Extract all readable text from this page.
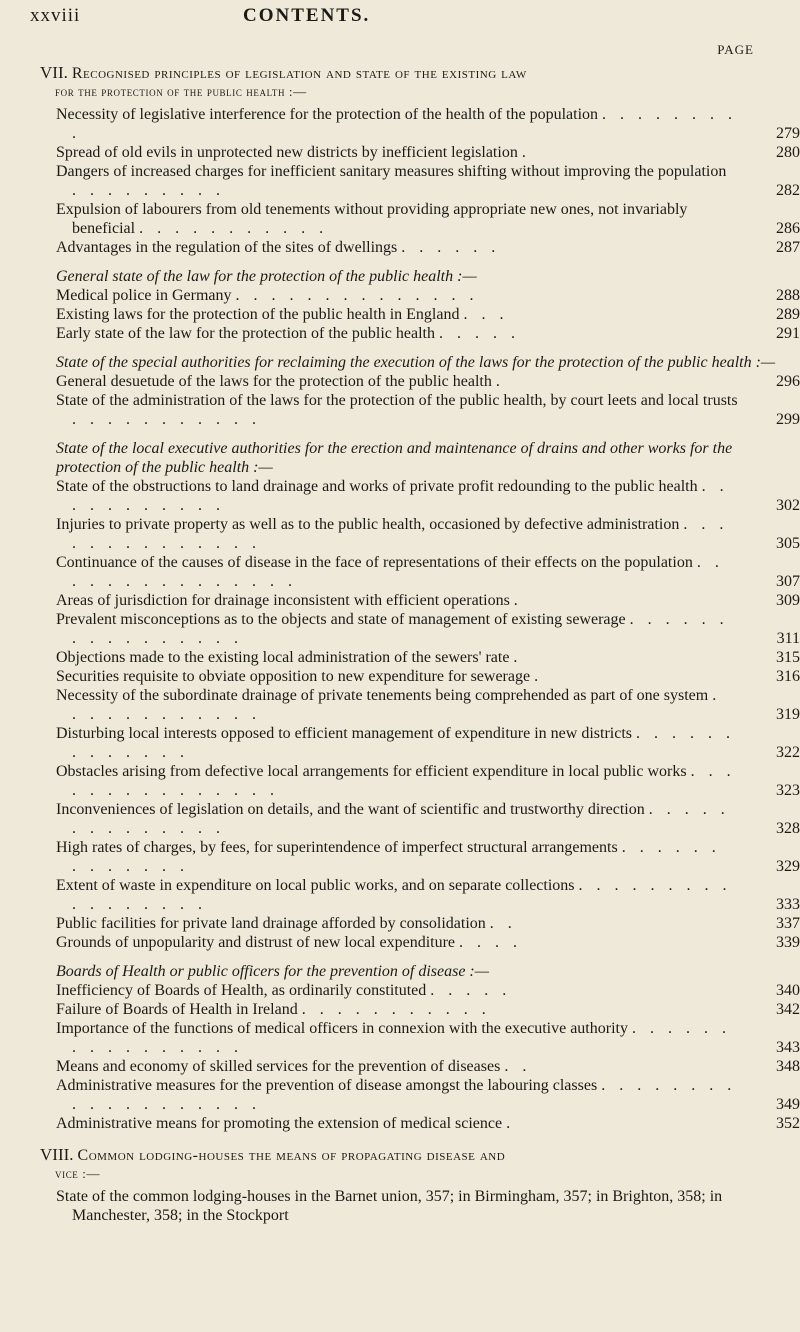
xxviii	CONTENTS.
PAGE
VII. Recognised principles of legislation and state of the existing law
for the protection of the public health :—
Necessity of legislative interference for the protection of the health of the population . . . . . . . . .	279
Spread of old evils in unprotected new districts by inefficient legislation .	280
Dangers of increased charges for inefficient sanitary measures shifting without improving the population . . . . . . . . .	282
Expulsion of labourers from old tenements without providing appropriate new ones, not invariably beneficial . . . . . . . . . . .	286
Advantages in the regulation of the sites of dwellings . . . . . .	287
General state of the law for the protection of the public health :—
Medical police in Germany . . . . . . . . . . . . . .	288
Existing laws for the protection of the public health in England . . .	289
Early state of the law for the protection of the public health . . . . .	291
State of the special authorities for reclaiming the execution of the laws for the protection of the public health :—
General desuetude of the laws for the protection of the public health .	296
State of the administration of the laws for the protection of the public health, by court leets and local trusts . . . . . . . . . . .	299
State of the local executive authorities for the erection and maintenance of drains and other works for the protection of the public health :—
State of the obstructions to land drainage and works of private profit redounding to the public health . . . . . . . . . . .	302
Injuries to private property as well as to the public health, occasioned by defective administration . . . . . . . . . . . . . .	305
Continuance of the causes of disease in the face of representations of their effects on the population . . . . . . . . . . . . . . .	307
Areas of jurisdiction for drainage inconsistent with efficient operations .	309
Prevalent misconceptions as to the objects and state of management of existing sewerage . . . . . . . . . . . . . . . .	311
Objections made to the existing local administration of the sewers' rate .	315
Securities requisite to obviate opposition to new expenditure for sewerage .	316
Necessity of the subordinate drainage of private tenements being comprehended as part of one system . . . . . . . . . . . .	319
Disturbing local interests opposed to efficient management of expenditure in new districts . . . . . . . . . . . . .	322
Obstacles arising from defective local arrangements for efficient expenditure in local public works . . . . . . . . . . . . . . .	323
Inconveniences of legislation on details, and the want of scientific and trustworthy direction . . . . . . . . . . . . . .	328
High rates of charges, by fees, for superintendence of imperfect structural arrangements . . . . . . . . . . . . .	329
Extent of waste in expenditure on local public works, and on separate collections . . . . . . . . . . . . . . . . .	333
Public facilities for private land drainage afforded by consolidation . .	337
Grounds of unpopularity and distrust of new local expenditure . . . .	339
Boards of Health or public officers for the prevention of disease :—
Inefficiency of Boards of Health, as ordinarily constituted . . . . .	340
Failure of Boards of Health in Ireland . . . . . . . . . . .	342
Importance of the functions of medical officers in connexion with the executive authority . . . . . . . . . . . . . . . .	343
Means and economy of skilled services for the prevention of diseases . .	348
Administrative measures for the prevention of disease amongst the labouring classes . . . . . . . . . . . . . . . . . . .	349
Administrative means for promoting the extension of medical science .	352
VIII. Common lodging-houses the means of propagating disease and
vice :—
State of the common lodging-houses in the Barnet union, 357; in Birmingham, 357; in Brighton, 358; in Manchester, 358; in the Stockport
